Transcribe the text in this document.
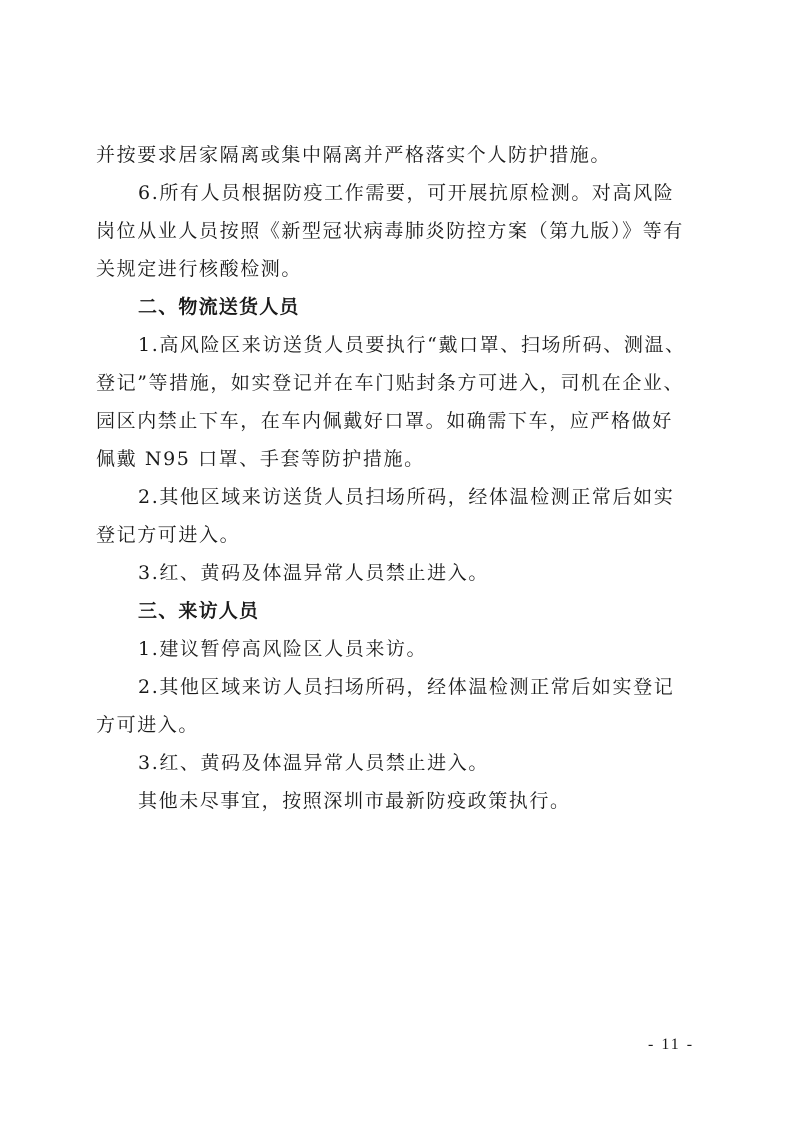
并按要求居家隔离或集中隔离并严格落实个人防护措施。
6.所有人员根据防疫工作需要，可开展抗原检测。对高风险
岗位从业人员按照《新型冠状病毒肺炎防控方案（第九版）》等有
关规定进行核酸检测。
二、物流送货人员
1.高风险区来访送货人员要执行“戴口罩、扫场所码、测温、
登记”等措施，如实登记并在车门贴封条方可进入，司机在企业、
园区内禁止下车，在车内佩戴好口罩。如确需下车，应严格做好
佩戴 N95 口罩、手套等防护措施。
2.其他区域来访送货人员扫场所码，经体温检测正常后如实
登记方可进入。
3.红、黄码及体温异常人员禁止进入。
三、来访人员
1.建议暂停高风险区人员来访。
2.其他区域来访人员扫场所码，经体温检测正常后如实登记
方可进入。
3.红、黄码及体温异常人员禁止进入。
其他未尽事宜，按照深圳市最新防疫政策执行。
- 11 -
